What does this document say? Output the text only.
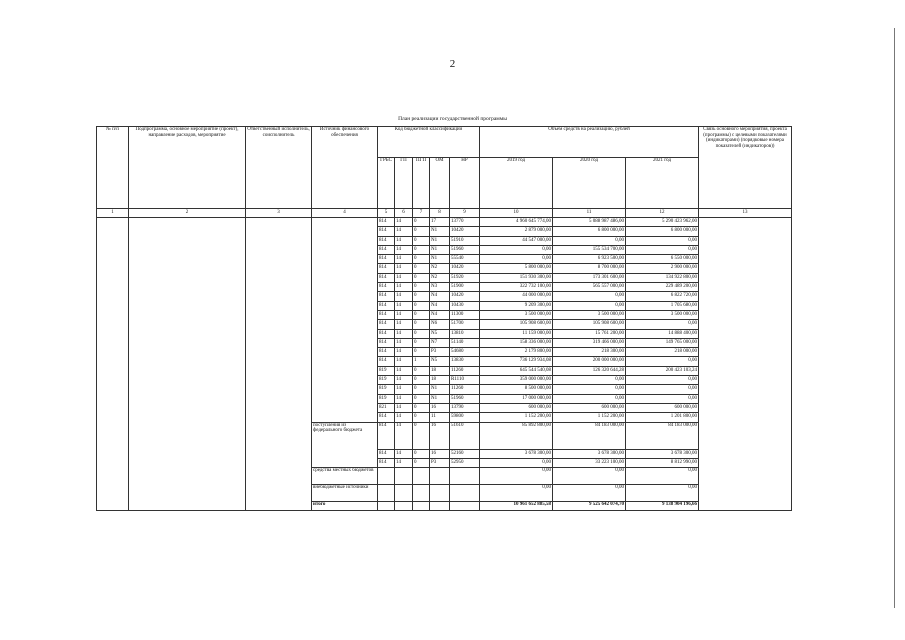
2
План реализации государственной программы
№ п/п	Подпрограмма, основное мероприятие (проект), направление расходов, мероприятие	Ответственный исполнитель, соисполнитель	Источник финансового обеспечения	Код бюджетной классификации					Объем средств на реализацию, рублей			Связь основного мероприятия, проекта (программы) с целевыми показателями (индикаторами) (порядковые номера показателей (индикаторов))
				ГРБС	ГП	ПГП	ОМ	НР	2019 год	2020 год	2021 год	
1	2	3	4	5	6	7	8	9	10	11	12	13
				814	14	0	17	13770	4 960 645 774,00	5 088 987 486,00	5 290 423 962,00	
				814	14	0	N1	10420	2 879 000,00	6 800 000,00	6 800 000,00	
				814	14	0	N1	51910	44 547 000,00	0,00	0,00	
				814	14	0	N1	51960	0,00	155 534 700,00	0,00	
				814	14	0	N1	55540	0,00	6 923 500,00	6 550 000,00	
				814	14	0	N2	10420	5 800 000,00	8 700 000,00	2 900 000,00	
				814	14	0	N2	51920	151 930 300,00	173 301 600,00	134 922 800,00	
				814	14	0	N3	51900	322 732 100,00	565 557 000,00	229 489 200,00	
				814	14	0	N4	10420	44 000 000,00	0,00	6 822 720,00	
				814	14	0	N4	10430	9 209 300,00	0,00	1 705 680,00	
				814	14	0	N4	11300	3 500 000,00	3 500 000,00	3 500 000,00	
				814	14	0	N6	51700	105 908 600,00	105 908 600,00	0,00	
				814	14	0	N5	13810	11 159 000,00	15 761 200,00	14 888 400,00	
				814	14	0	N7	51140	158 336 000,00	319 466 000,00	149 765 000,00	
				814	14	0	P3	54680	2 179 800,00	218 300,00	218 000,00	
				814	14	1	N5	13830	736 129 934,08	200 000 000,00	0,00	
				819	14	0	18	11260	645 544 540,08	126 320 644,28	200 423 103,24	
				819	14	0	18	R1110	359 000 000,00	0,00	0,00	
				819	14	0	N1	11260	8 500 000,00	0,00	0,00	
				819	14	0	N1	51960	17 000 000,00	0,00	0,00	
				821	14	0	16	13790	600 000,00	600 000,00	600 000,00	
				814	14	0	11	59800	1 152 200,00	1 152 200,00	1 201 800,00	
			поступления из федерального бюджета	814	14	0	16	51610	85 892 800,00	84 183 000,00	84 183 000,00	
				814	14	0	16	52160	3 678 300,00	3 678 300,00	3 678 300,00	
				814	14	0	P3	52950	0,00	33 223 100,00	8 812 990,00	
			средства местных бюджетов						0,00	0,00	0,00	
			внебюджетные источники						0,00	0,00	0,00	
			итого						10 961 652 885,58	9 525 642 074,70	9 138 904 196,66	
